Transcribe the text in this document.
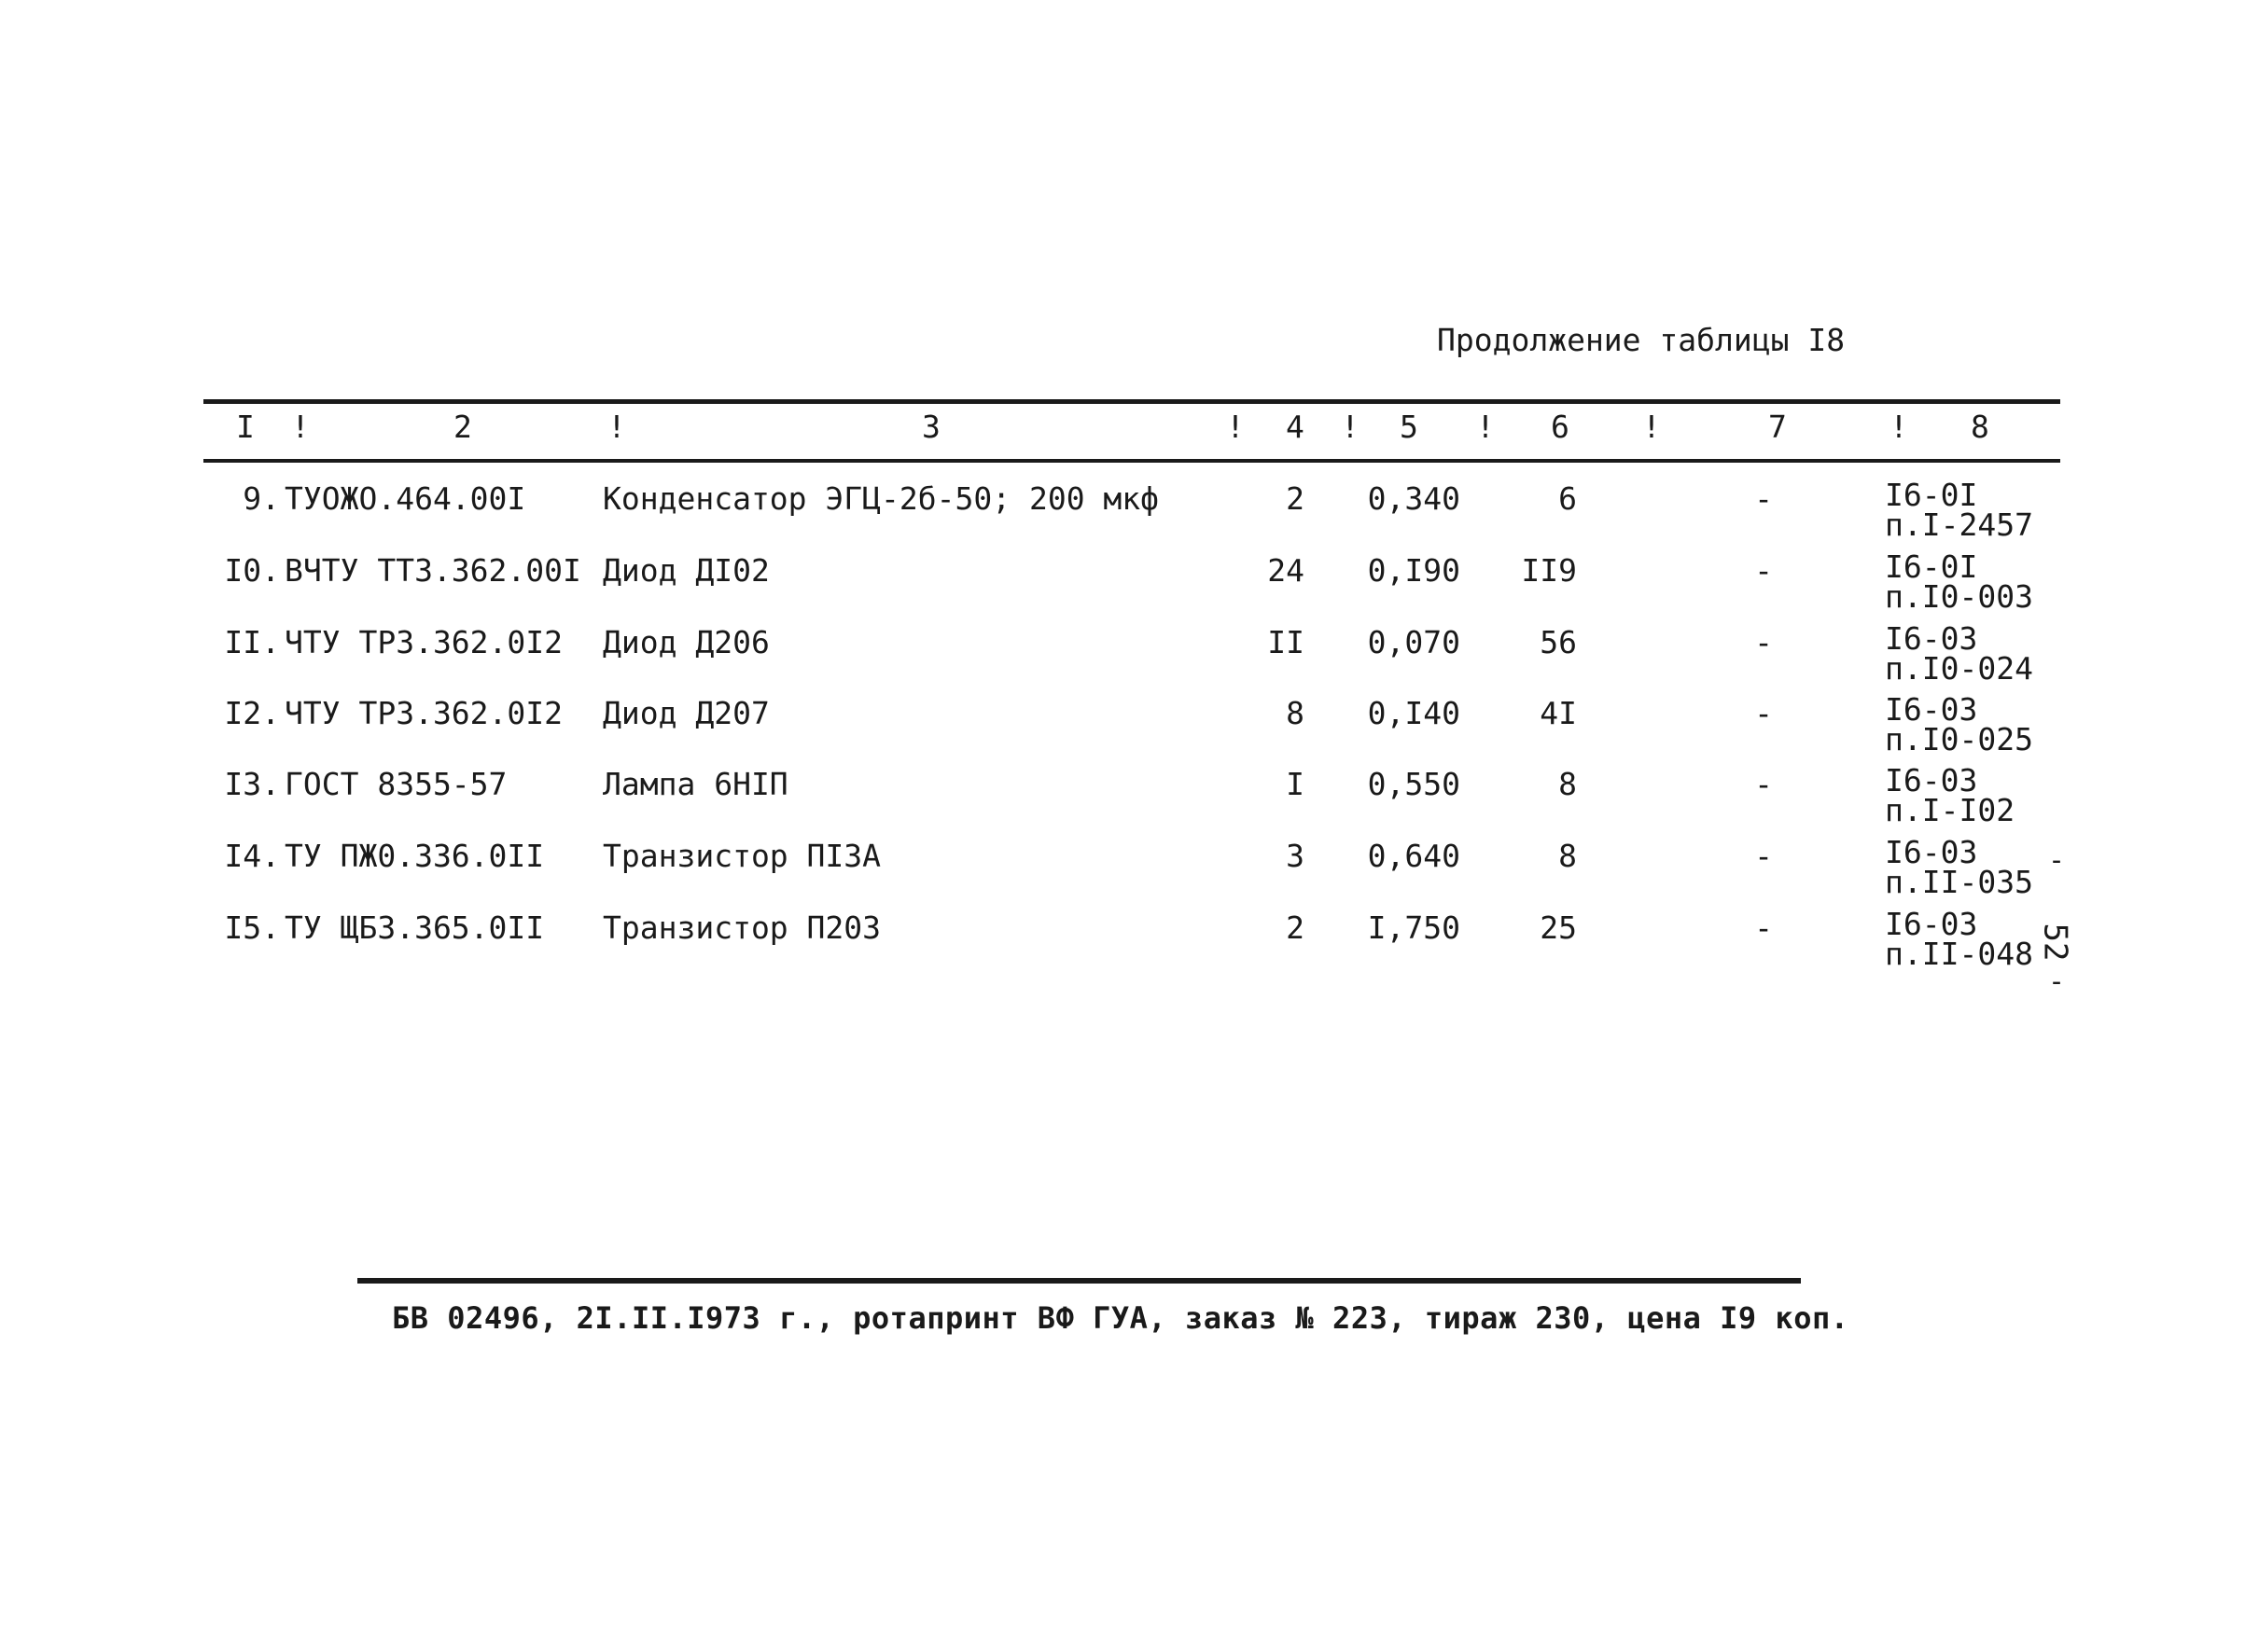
Продолжение таблицы I8
I !	2	!	3	! 4 ! 5 ! 6 !	7	! 8
9. ТУОЖО.464.00I	Конденсатор ЭГЦ-2б-50; 200 мкф	2 0,340	6	-	I6-0I
п.I-2457
I0. ВЧТУ ТТЗ.362.00I Диод ДI02	24 0,I90	II9	-	I6-0I
п.I0-003
II. ЧТУ ТРЗ.362.0I2 Диод Д206	II 0,070	56	-	I6-03
п.I0-024
I2. ЧТУ ТРЗ.362.0I2 Диод Д207	8 0,I40	4I	-	I6-03
п.I0-025
I3. ГОСТ 8355-57	Лампа 6НIП	I 0,550	8	-	I6-03
п.I-I02
I4. ТУ ПЖ0.336.0II Транзистор ПI3А	3 0,640	8	-	I6-03
п.II-035
I5. ТУ ЩБЗ.365.0II Транзистор П203	2 I,750	25	-	I6-03
п.II-048
-
52
-
БВ 02496, 2I.II.I973 г., ротапринт ВФ ГУА, заказ № 223, тираж 230, цена I9 коп.
